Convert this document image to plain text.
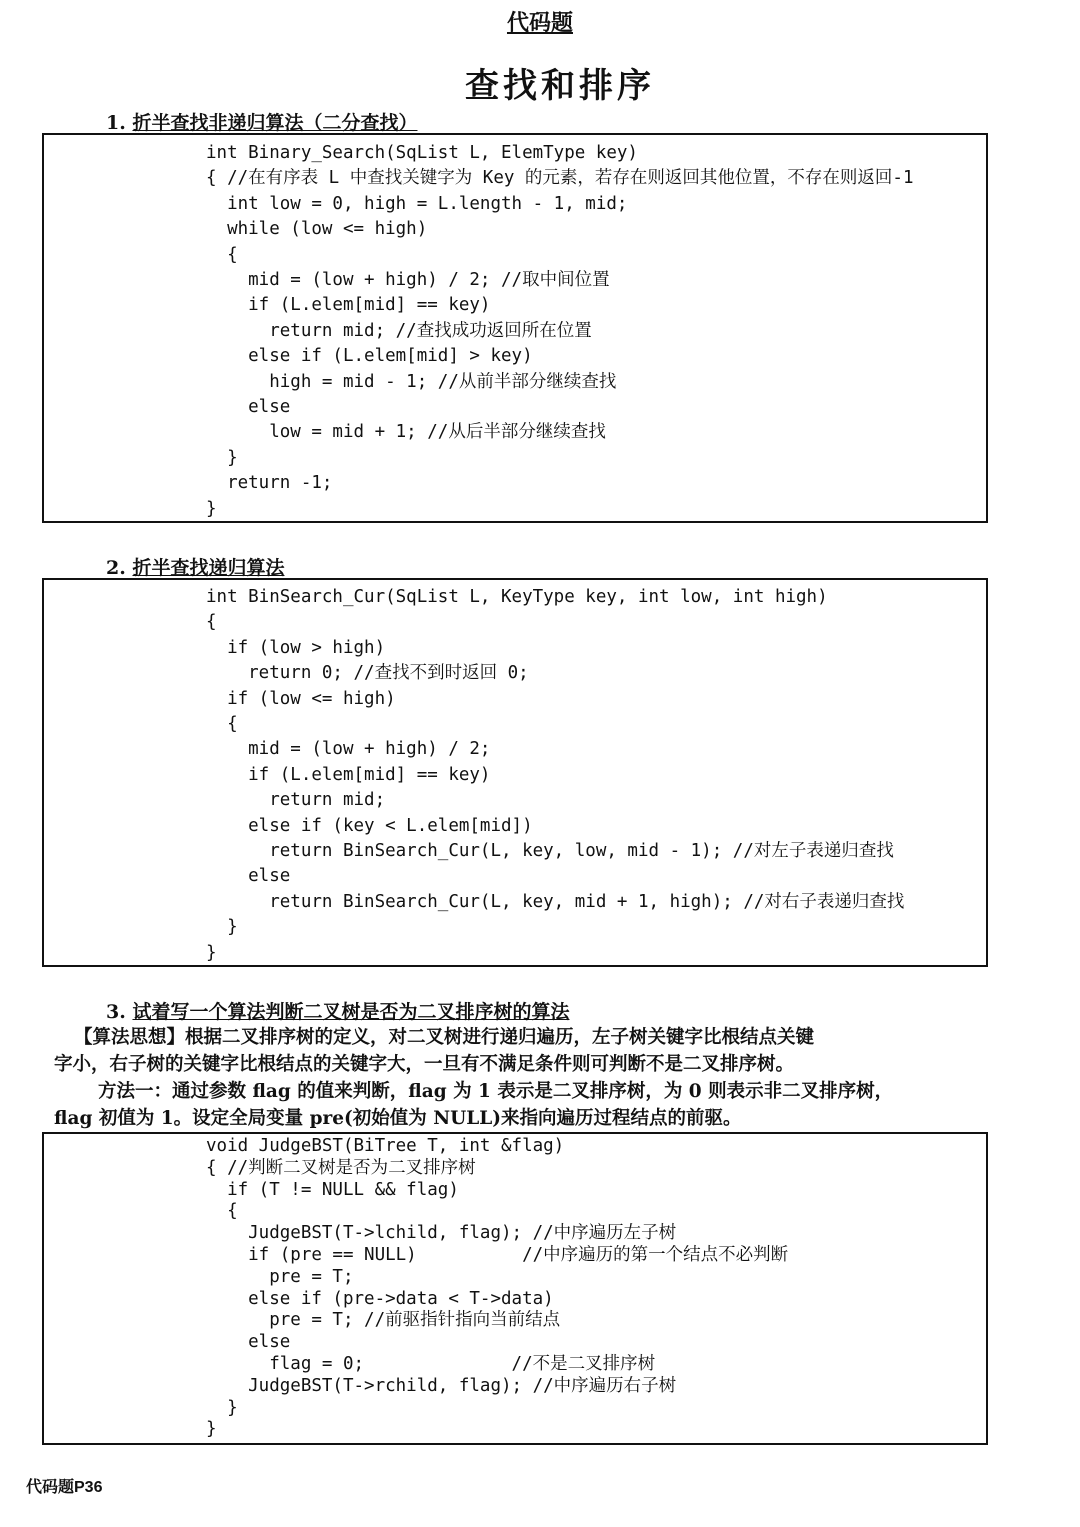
代码题
查找和排序
1. 折半查找非递归算法（二分查找）
int Binary_Search(SqList L, ElemType key)
{ //在有序表 L 中查找关键字为 Key 的元素，若存在则返回其他位置，不存在则返回-1
int low = 0, high = L.length - 1, mid;
while (low <= high)
{
mid = (low + high) / 2; //取中间位置
if (L.elem[mid] == key)
return mid; //查找成功返回所在位置
else if (L.elem[mid] > key)
high = mid - 1; //从前半部分继续查找
else
low = mid + 1; //从后半部分继续查找
}
return -1;
}
2. 折半查找递归算法
int BinSearch_Cur(SqList L, KeyType key, int low, int high)
{
if (low > high)
return 0; //查找不到时返回 0;
if (low <= high)
{
mid = (low + high) / 2;
if (L.elem[mid] == key)
return mid;
else if (key < L.elem[mid])
return BinSearch_Cur(L, key, low, mid - 1); //对左子表递归查找
else
return BinSearch_Cur(L, key, mid + 1, high); //对右子表递归查找
}
}
3. 试着写一个算法判断二叉树是否为二叉排序树的算法
【算法思想】根据二叉排序树的定义，对二叉树进行递归遍历，左子树关键字比根结点关键
字小，右子树的关键字比根结点的关键字大，一旦有不满足条件则可判断不是二叉排序树。
方法一：通过参数 flag 的值来判断，flag 为 1 表示是二叉排序树，为 0 则表示非二叉排序树，
flag 初值为 1。设定全局变量 pre(初始值为 NULL)来指向遍历过程结点的前驱。
void JudgeBST(BiTree T, int &flag)
{ //判断二叉树是否为二叉排序树
if (T != NULL && flag)
{
JudgeBST(T->lchild, flag); //中序遍历左子树
if (pre == NULL)          //中序遍历的第一个结点不必判断
pre = T;
else if (pre->data < T->data)
pre = T; //前驱指针指向当前结点
else
flag = 0;              //不是二叉排序树
JudgeBST(T->rchild, flag); //中序遍历右子树
}
}
代码题P36
